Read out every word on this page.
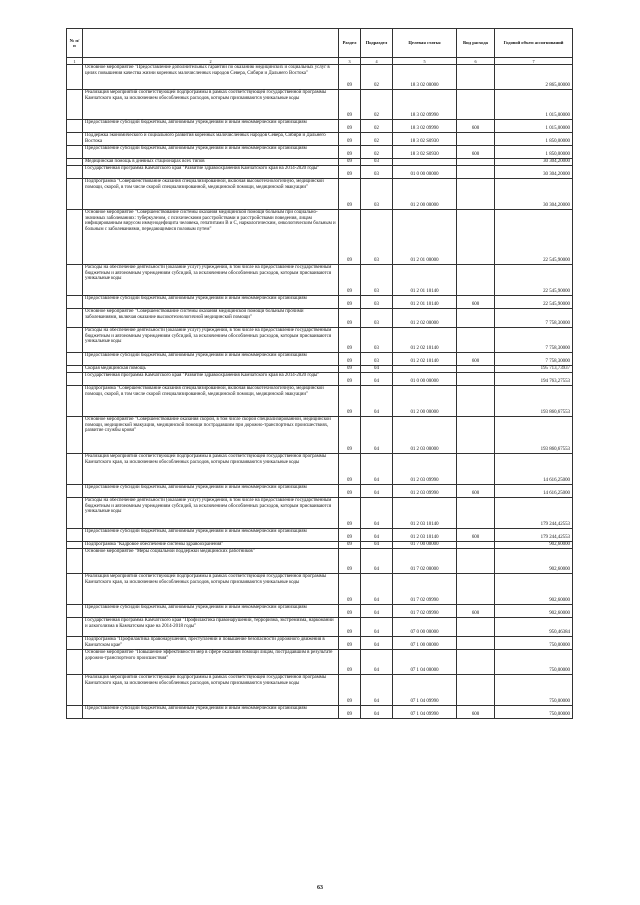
№ п/п		Раздел	Подраздел	Целевая статья	Вид расхода	Годовой объем ассигнований
1	2	3	4	5	6	7
	Основное мероприятие "Предоставление дополнительных гарантий по оказанию медицинских и социальных услуг в целях повышения качества жизни коренных малочисленных народов Севера, Сибири и Дальнего Востока"	09	02	18 3 02 00000		2 865,00000
	Реализация мероприятий соответствующей подпрограммы в рамках соответствующей государственной программы Камчатского края, за исключением обособленных расходов, которым присваиваются уникальные коды	09	02	18 3 02 09990		1 015,00000
	Предоставление субсидий бюджетным, автономным учреждениям и иным некоммерческим организациям	09	02	18 3 02 09990	600	1 015,00000
	Поддержка экономического и социального развития коренных малочисленных народов Севера, Сибири и Дальнего Востока	09	02	18 3 02 S0930		1 850,00000
	Предоставление субсидий бюджетным, автономным учреждениям и иным некоммерческим организациям	09	02	18 3 02 S0930	600	1 850,00000
	Медицинская помощь в дневных стационарах всех типов	09	03			30 304,20000
	Государственная программа Камчатского края "Развитие здравоохранения Камчатского края на 2014-2020 годы"	09	03	01 0 00 00000		30 304,20000
	Подпрограмма "Совершенствование оказания специализированной, включая высокотехнологичную, медицинской помощи, скорой, в том числе скорой специализированной, медицинской помощи, медицинской эвакуации"	09	03	01 2 00 00000		30 304,20000
	Основное мероприятие "Совершенствование системы оказания медицинской помощи больным при социально-значимых заболеваниях: туберкулезом, с психическими расстройствами и расстройствами поведения, лицам инфицированным вирусом иммунодефицита человека, гепатитами В и С, наркологическим, онкологическим больным и больным с заболеваниями, передающимися половым путем"	09	03	01 2 01 00000		22 545,90000
	Расходы на обеспечение деятельности (оказание услуг) учреждений, в том числе на предоставление государственным бюджетным и автономным учреждениям субсидий, за исключением обособленных расходов, которым присваиваются уникальные коды	09	03	01 2 01 10140		22 545,90000
	Предоставление субсидий бюджетным, автономным учреждениям и иным некоммерческим организациям	09	03	01 2 01 10140	600	22 545,90000
	Основное мероприятие "Совершенствование системы оказания медицинской помощи больным прочими заболеваниями, включая оказание высокотехнологичной медицинской помощи"	09	03	01 2 02 00000		7 758,30000
	Расходы на обеспечение деятельности (оказание услуг) учреждений, в том числе на предоставление государственным бюджетным и автономным учреждениям субсидий, за исключением обособленных расходов, которым присваиваются уникальные коды	09	03	01 2 02 10140		7 758,30000
	Предоставление субсидий бюджетным, автономным учреждениям и иным некоммерческим организациям	09	03	01 2 02 10140	600	7 758,30000
	Скорая медицинская помощь	09	04			195 713,73937
	Государственная программа Камчатского края "Развитие здравоохранения Камчатского края на 2014-2020 годы"	09	04	01 0 00 00000		194 763,27553
	Подпрограмма "Совершенствование оказания специализированной, включая высокотехнологичную, медицинской помощи, скорой, в том числе скорой специализированной, медицинской помощи, медицинской эвакуации"	09	04	01 2 00 00000		193 860,67553
	Основное мероприятие "Совершенствование оказания скорой, в том числе скорой специализированной, медицинской помощи, медицинской эвакуации, медицинской помощи пострадавшим при дорожно-транспортных происшествиях, развитие службы крови"	09	04	01 2 03 00000		193 860,67553
	Реализация мероприятий соответствующей подпрограммы в рамках соответствующей государственной программы Камчатского края, за исключением обособленных расходов, которым присваиваются уникальные коды	09	04	01 2 03 09990		14 616,25000
	Предоставление субсидий бюджетным, автономным учреждениям и иным некоммерческим организациям	09	04	01 2 03 09990	600	14 616,25000
	Расходы на обеспечение деятельности (оказание услуг) учреждений, в том числе на предоставление государственным бюджетным и автономным учреждениям субсидий, за исключением обособленных расходов, которым присваиваются уникальные коды	09	04	01 2 03 10140		179 244,42553
	Предоставление субсидий бюджетным, автономным учреждениям и иным некоммерческим организациям	09	04	01 2 03 10140	600	179 244,42553
	Подпрограмма "Кадровое обеспечение системы здравоохранения"	09	04	01 7 00 00000		902,60000
	Основное мероприятие "Меры социальной поддержки медицинских работников"	09	04	01 7 02 00000		902,60000
	Реализация мероприятий соответствующей подпрограммы в рамках соответствующей государственной программы Камчатского края, за исключением обособленных расходов, которым присваиваются уникальные коды	09	04	01 7 02 09990		902,60000
	Предоставление субсидий бюджетным, автономным учреждениям и иным некоммерческим организациям	09	04	01 7 02 09990	600	902,60000
	Государственная программа Камчатского края "Профилактика правонарушений, терроризма, экстремизма, наркомании и алкоголизма в Камчатском крае на 2014-2018 годы"	09	04	07 0 00 00000		950,46384
	Подпрограмма "Профилактика правонарушений, преступлений и повышение безопасности дорожного движения в Камчатском крае"	09	04	07 1 00 00000		750,00000
	Основное мероприятие "Повышение эффективности мер в сфере оказания помощи лицам, пострадавшим в результате дорожно-транспортного происшествия"	09	04	07 1 04 00000		750,00000
	Реализация мероприятий соответствующей подпрограммы в рамках соответствующей государственной программы Камчатского края, за исключением обособленных расходов, которым присваиваются уникальные коды	09	04	07 1 04 09990		750,00000
	Предоставление субсидий бюджетным, автономным учреждениям и иным некоммерческим организациям	09	04	07 1 04 09990	600	750,00000
63
